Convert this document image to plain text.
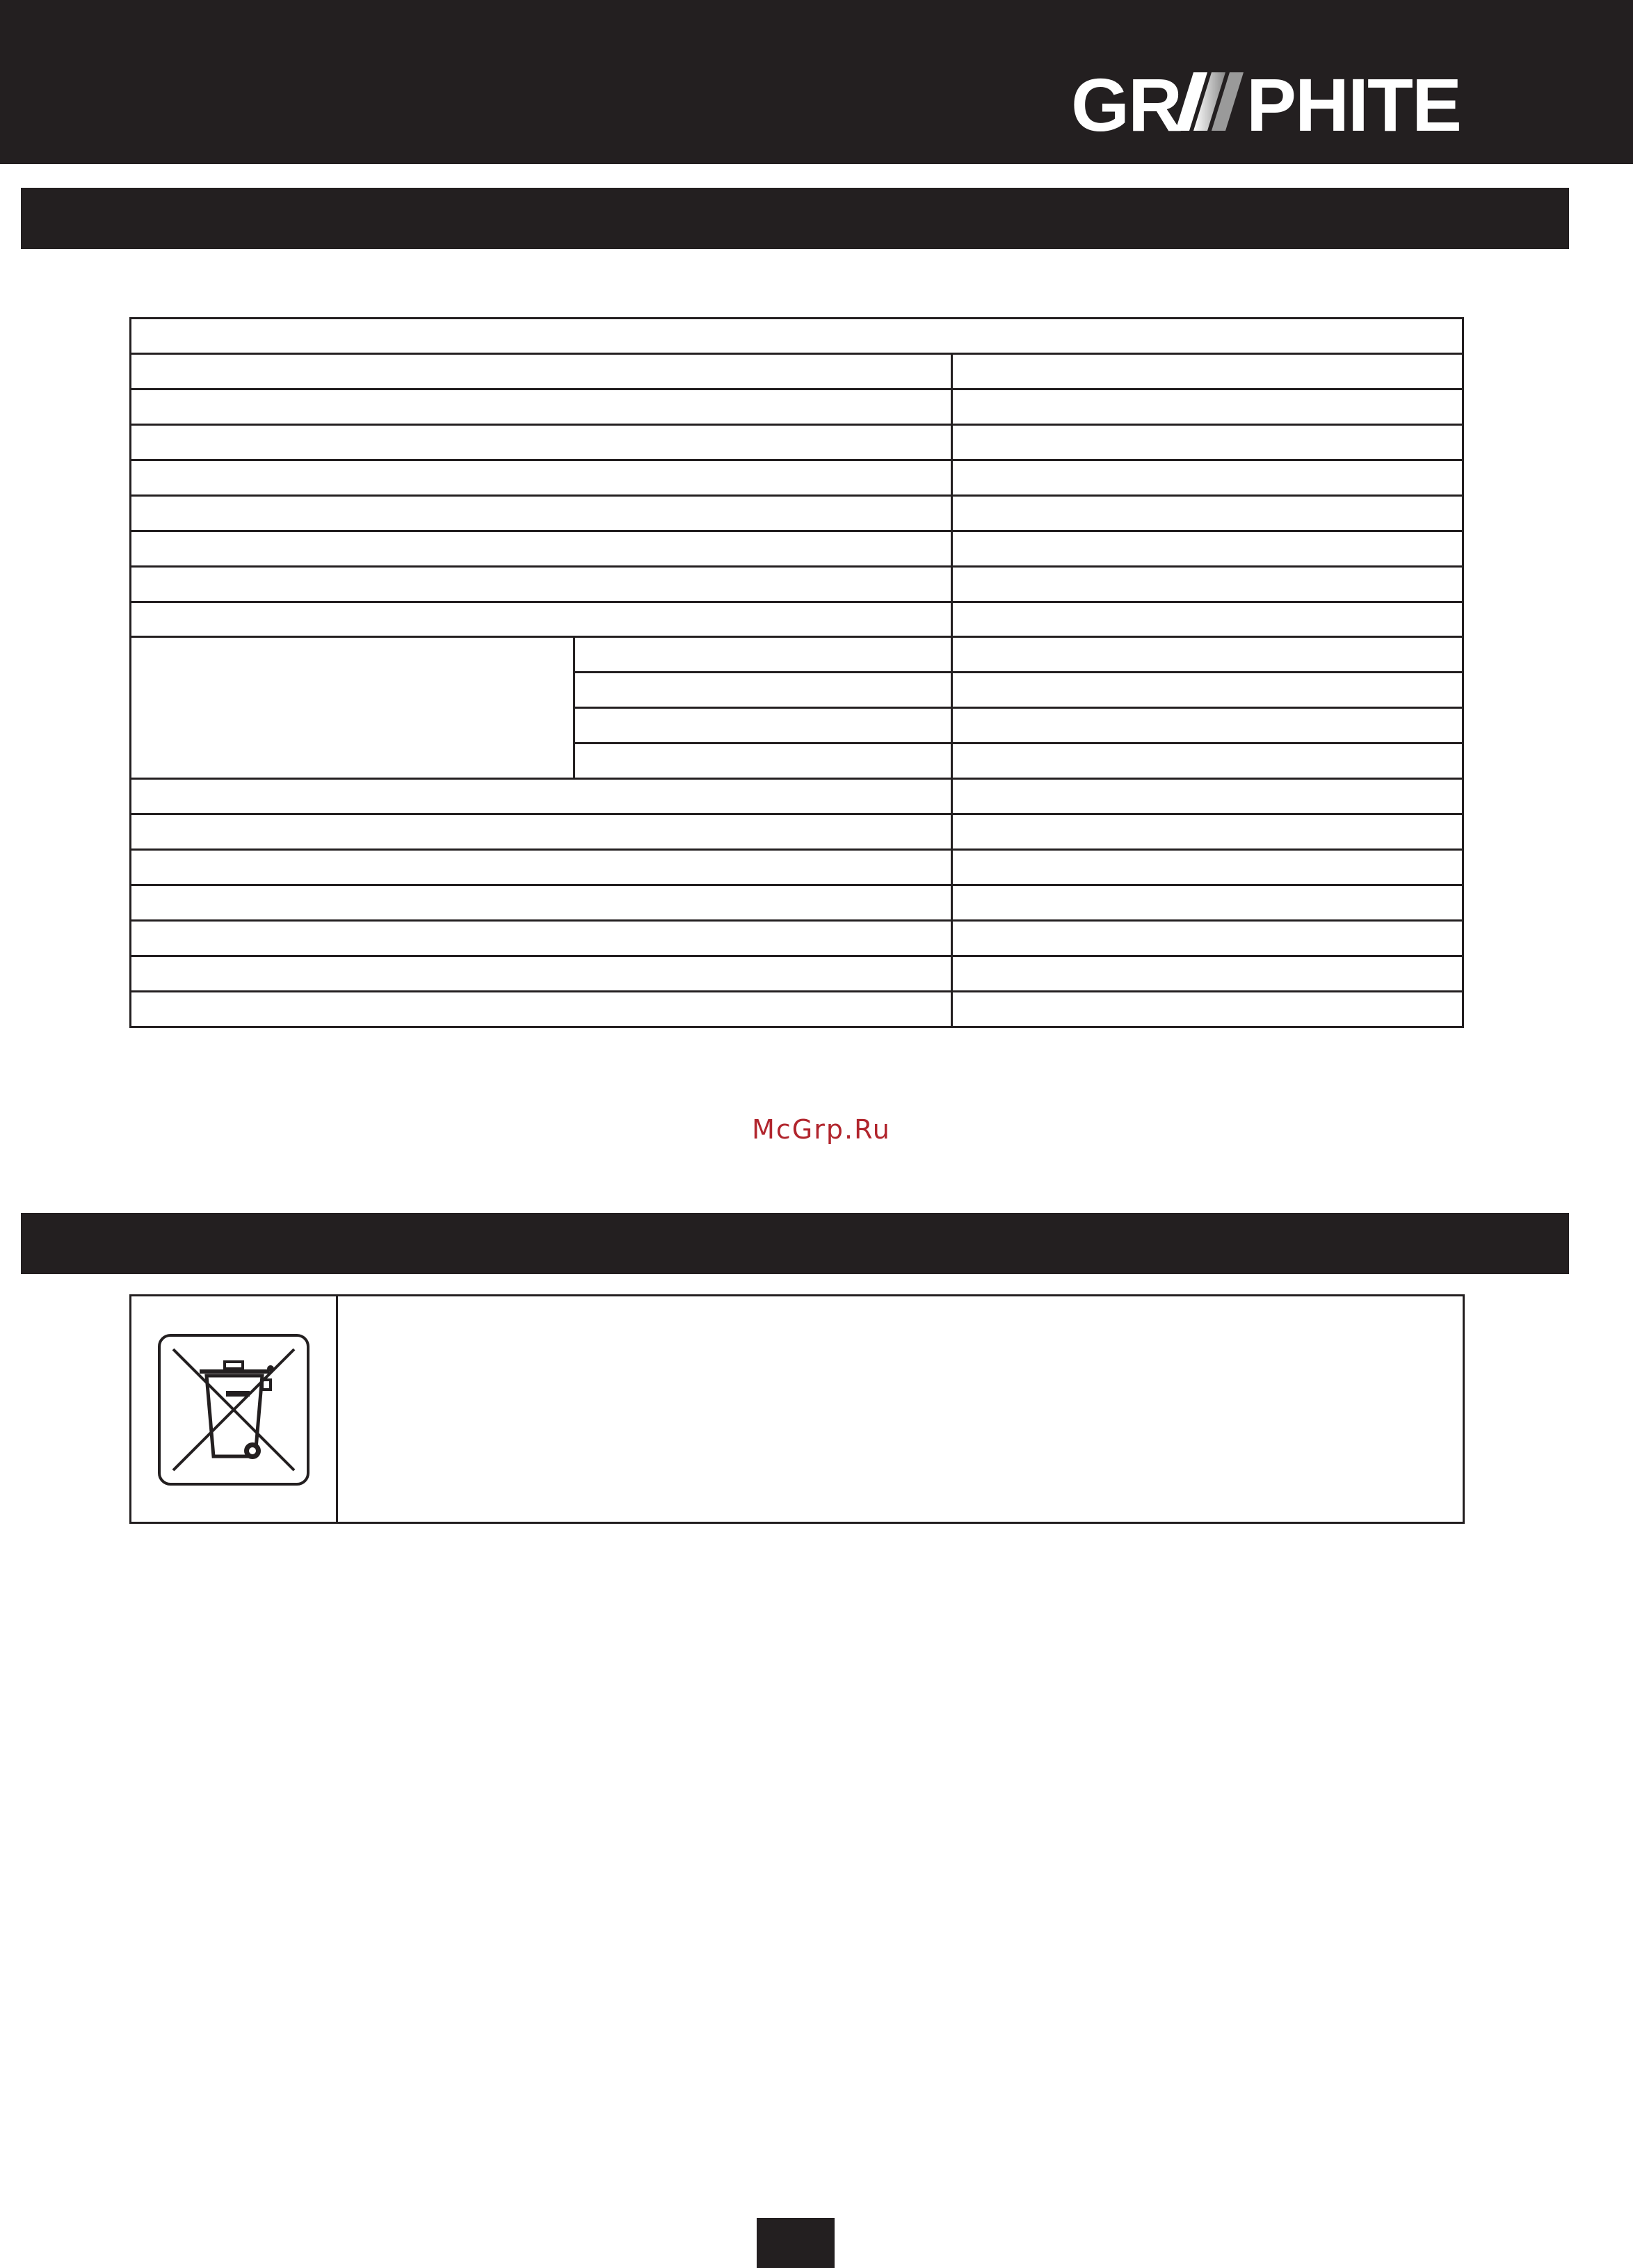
GR PHITE

McGrp.Ru
